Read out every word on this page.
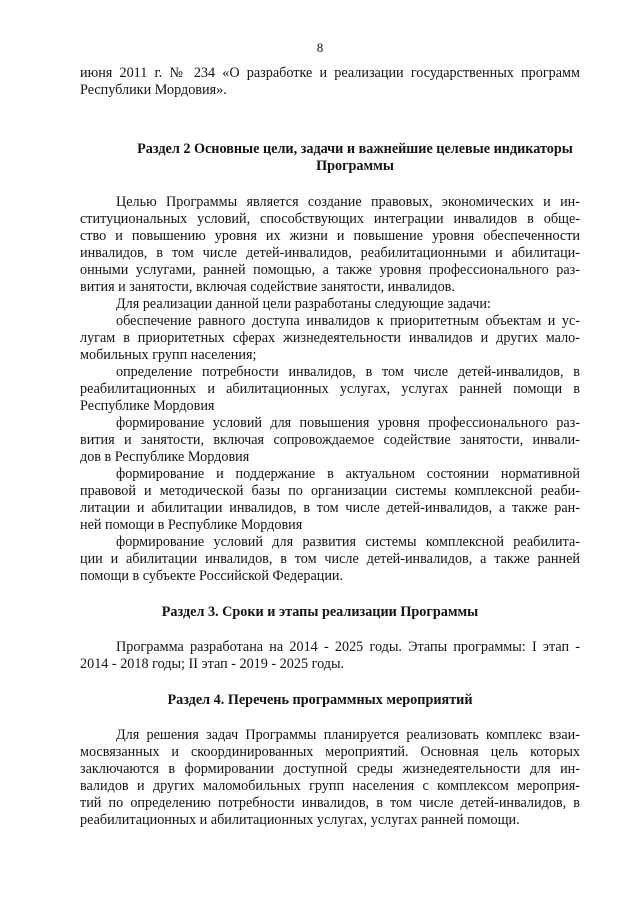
8
июня 2011 г. № 234 «О разработке и реализации государственных программ
Республики Мордовия».
Раздел 2 Основные цели, задачи и важнейшие целевые индикаторы
Программы
Целью Программы является создание правовых, экономических и ин-
ституциональных условий, способствующих интеграции инвалидов в обще-
ство и повышению уровня их жизни и повышение уровня обеспеченности
инвалидов, в том числе детей-инвалидов, реабилитационными и абилитаци-
онными услугами, ранней помощью, а также уровня профессионального раз-
вития и занятости, включая содействие занятости, инвалидов.
Для реализации данной цели разработаны следующие задачи:
обеспечение равного доступа инвалидов к приоритетным объектам и ус-
лугам в приоритетных сферах жизнедеятельности инвалидов и других мало-
мобильных групп населения;
определение потребности инвалидов, в том числе детей-инвалидов, в
реабилитационных и абилитационных услугах, услугах ранней помощи в
Республике Мордовия
формирование условий для повышения уровня профессионального раз-
вития и занятости, включая сопровождаемое содействие занятости, инвали-
дов в Республике Мордовия
формирование и поддержание в актуальном состоянии нормативной
правовой и методической базы по организации системы комплексной реаби-
литации и абилитации инвалидов, в том числе детей-инвалидов, а также ран-
ней помощи в Республике Мордовия
формирование условий для развития системы комплексной реабилита-
ции и абилитации инвалидов, в том числе детей-инвалидов, а также ранней
помощи в субъекте Российской Федерации.
Раздел 3. Сроки и этапы реализации Программы
Программа разработана на 2014 - 2025 годы. Этапы программы: I этап -
2014 - 2018 годы; II этап - 2019 - 2025 годы.
Раздел 4. Перечень программных мероприятий
Для решения задач Программы планируется реализовать комплекс взаи-
мосвязанных и скоординированных мероприятий. Основная цель которых
заключаются в формировании доступной среды жизнедеятельности для ин-
валидов и других маломобильных групп населения с комплексом мероприя-
тий по определению потребности инвалидов, в том числе детей-инвалидов, в
реабилитационных и абилитационных услугах, услугах ранней помощи.
